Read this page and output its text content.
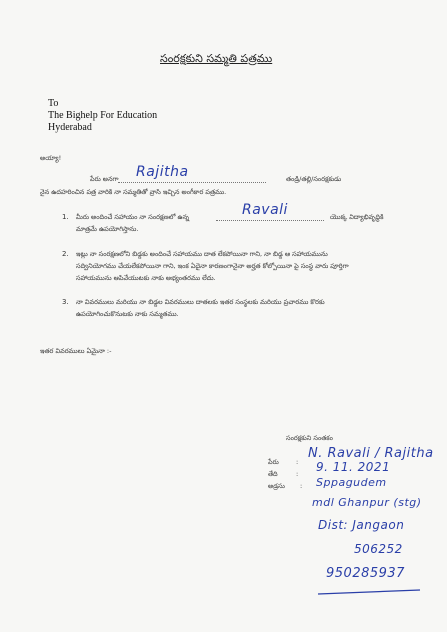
సంరక్షకుని సమ్మతి పత్రము
To
The Bighelp For Education
Hyderabad
అయ్యా!
పేరు అనగా Rajitha	తండ్రి/తల్లి/సంరక్షకుడు
నైన ఉదహరించిన పత్ర వారికి నా సమ్మతితో వ్రాసి ఇచ్చిన అంగీకార పత్రము.
1. మీరు అందించే సహాయం నా సంరక్షణలో ఉన్న	Ravali	యొక్క విద్యాభివృద్ధికి
మాత్రమే ఉపయోగిస్తాను.
2. ఇట్లు నా సంరక్షణలోని బిడ్డకు అందించే సహాయము దాత లేకపోయినా గాని, నా బిడ్డ ఆ సహాయమును
సద్వినియోగము చేయలేకపోయినా గాని, ఇంక ఏదైనా కారణంగానైనా అర్హత కోల్పోయినా పై సంస్థ వారు పూర్తిగా
సహాయమును ఆపివేయుటకు నాకు అభ్యంతరము లేదు.
3. నా వివరములు మరియు నా బిడ్డల వివరములు దాతలకు ఇతర సంస్థలకు మరియు ప్రచారము కొరకు
ఉపయోగించుకొనుటకు నాకు సమ్మతము.
ఇతర వివరములు ఏమైనా :-
సంరక్షకుని సంతకం
పేరు	:
N. Ravali / Rajitha
తేది	: 9. 11. 2021
అడ్రసు : Sppagudem
mdl Ghanpur (stg)
Dist: Jangaon
506252
950285937
